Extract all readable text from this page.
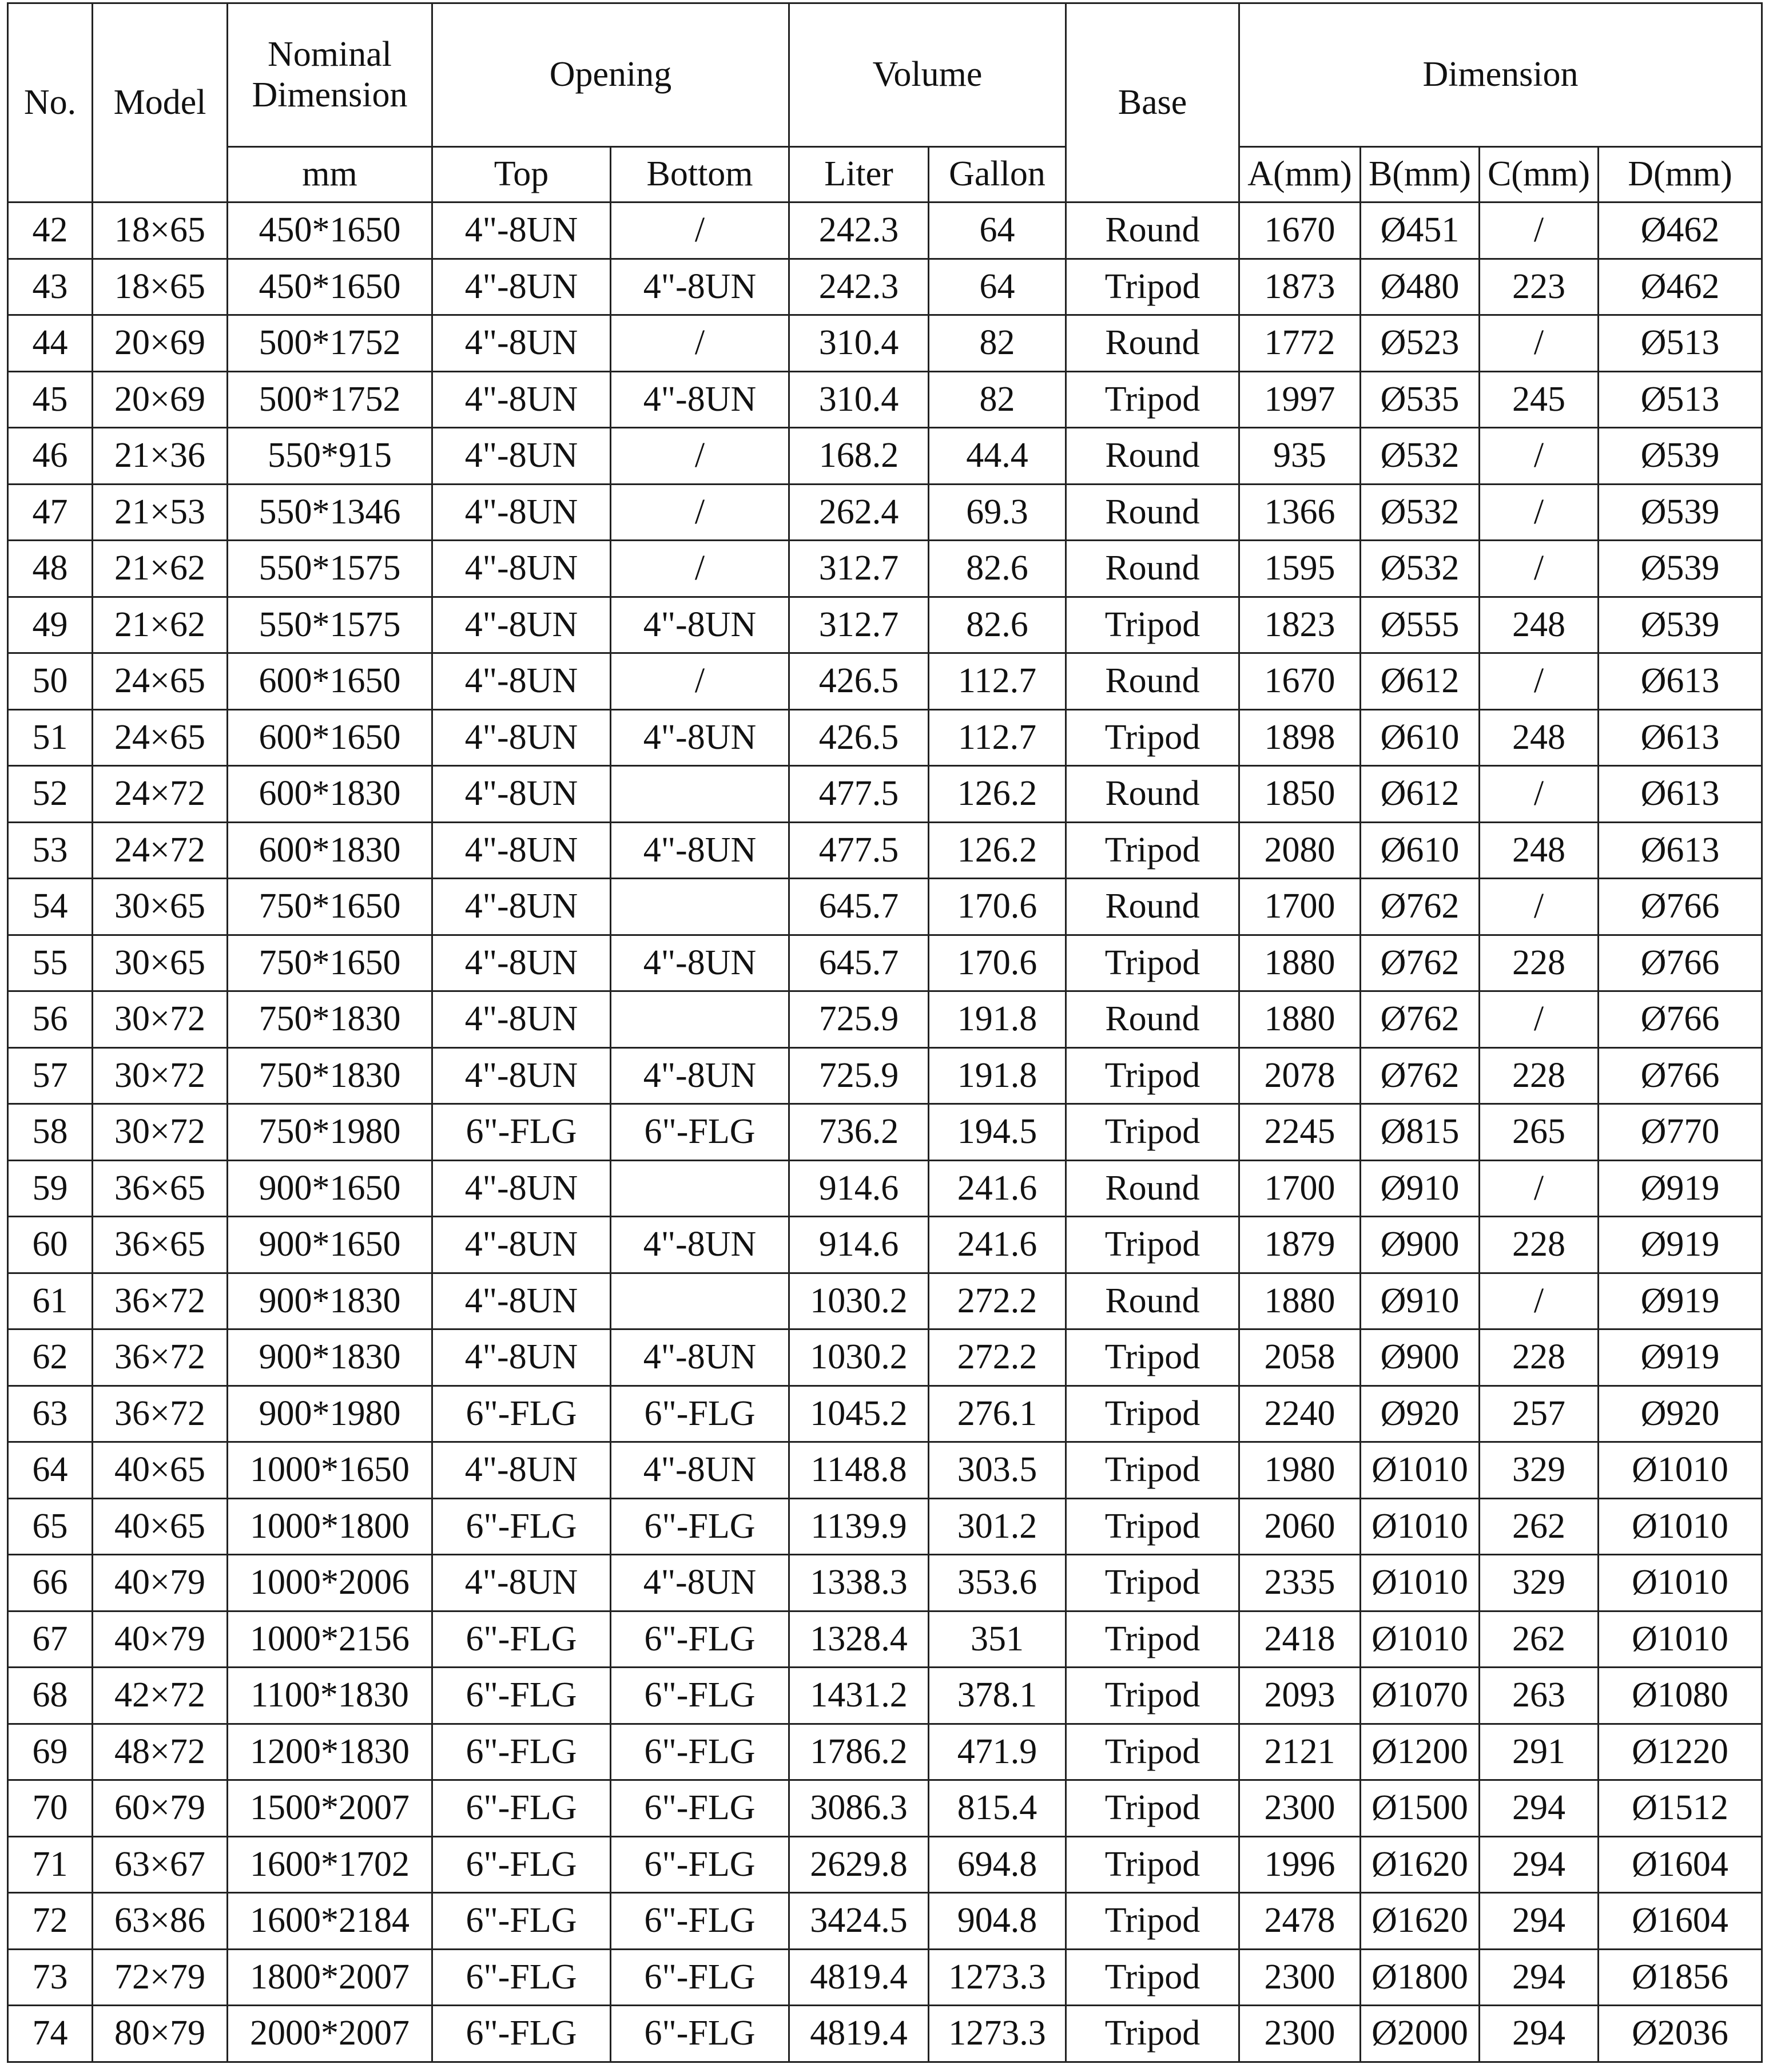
No.	Model	Nominal
Dimension	Opening		Volume		Base	Dimension			
		mm	Top	Bottom	Liter	Gallon		A(mm)	B(mm)	C(mm)	D(mm)
42	18×65	450*1650	4"-8UN	/	242.3	64	Round	1670	Ø451	/	Ø462
43	18×65	450*1650	4"-8UN	4"-8UN	242.3	64	Tripod	1873	Ø480	223	Ø462
44	20×69	500*1752	4"-8UN	/	310.4	82	Round	1772	Ø523	/	Ø513
45	20×69	500*1752	4"-8UN	4"-8UN	310.4	82	Tripod	1997	Ø535	245	Ø513
46	21×36	550*915	4"-8UN	/	168.2	44.4	Round	935	Ø532	/	Ø539
47	21×53	550*1346	4"-8UN	/	262.4	69.3	Round	1366	Ø532	/	Ø539
48	21×62	550*1575	4"-8UN	/	312.7	82.6	Round	1595	Ø532	/	Ø539
49	21×62	550*1575	4"-8UN	4"-8UN	312.7	82.6	Tripod	1823	Ø555	248	Ø539
50	24×65	600*1650	4"-8UN	/	426.5	112.7	Round	1670	Ø612	/	Ø613
51	24×65	600*1650	4"-8UN	4"-8UN	426.5	112.7	Tripod	1898	Ø610	248	Ø613
52	24×72	600*1830	4"-8UN		477.5	126.2	Round	1850	Ø612	/	Ø613
53	24×72	600*1830	4"-8UN	4"-8UN	477.5	126.2	Tripod	2080	Ø610	248	Ø613
54	30×65	750*1650	4"-8UN		645.7	170.6	Round	1700	Ø762	/	Ø766
55	30×65	750*1650	4"-8UN	4"-8UN	645.7	170.6	Tripod	1880	Ø762	228	Ø766
56	30×72	750*1830	4"-8UN		725.9	191.8	Round	1880	Ø762	/	Ø766
57	30×72	750*1830	4"-8UN	4"-8UN	725.9	191.8	Tripod	2078	Ø762	228	Ø766
58	30×72	750*1980	6"-FLG	6"-FLG	736.2	194.5	Tripod	2245	Ø815	265	Ø770
59	36×65	900*1650	4"-8UN		914.6	241.6	Round	1700	Ø910	/	Ø919
60	36×65	900*1650	4"-8UN	4"-8UN	914.6	241.6	Tripod	1879	Ø900	228	Ø919
61	36×72	900*1830	4"-8UN		1030.2	272.2	Round	1880	Ø910	/	Ø919
62	36×72	900*1830	4"-8UN	4"-8UN	1030.2	272.2	Tripod	2058	Ø900	228	Ø919
63	36×72	900*1980	6"-FLG	6"-FLG	1045.2	276.1	Tripod	2240	Ø920	257	Ø920
64	40×65	1000*1650	4"-8UN	4"-8UN	1148.8	303.5	Tripod	1980	Ø1010	329	Ø1010
65	40×65	1000*1800	6"-FLG	6"-FLG	1139.9	301.2	Tripod	2060	Ø1010	262	Ø1010
66	40×79	1000*2006	4"-8UN	4"-8UN	1338.3	353.6	Tripod	2335	Ø1010	329	Ø1010
67	40×79	1000*2156	6"-FLG	6"-FLG	1328.4	351	Tripod	2418	Ø1010	262	Ø1010
68	42×72	1100*1830	6"-FLG	6"-FLG	1431.2	378.1	Tripod	2093	Ø1070	263	Ø1080
69	48×72	1200*1830	6"-FLG	6"-FLG	1786.2	471.9	Tripod	2121	Ø1200	291	Ø1220
70	60×79	1500*2007	6"-FLG	6"-FLG	3086.3	815.4	Tripod	2300	Ø1500	294	Ø1512
71	63×67	1600*1702	6"-FLG	6"-FLG	2629.8	694.8	Tripod	1996	Ø1620	294	Ø1604
72	63×86	1600*2184	6"-FLG	6"-FLG	3424.5	904.8	Tripod	2478	Ø1620	294	Ø1604
73	72×79	1800*2007	6"-FLG	6"-FLG	4819.4	1273.3	Tripod	2300	Ø1800	294	Ø1856
74	80×79	2000*2007	6"-FLG	6"-FLG	4819.4	1273.3	Tripod	2300	Ø2000	294	Ø2036
